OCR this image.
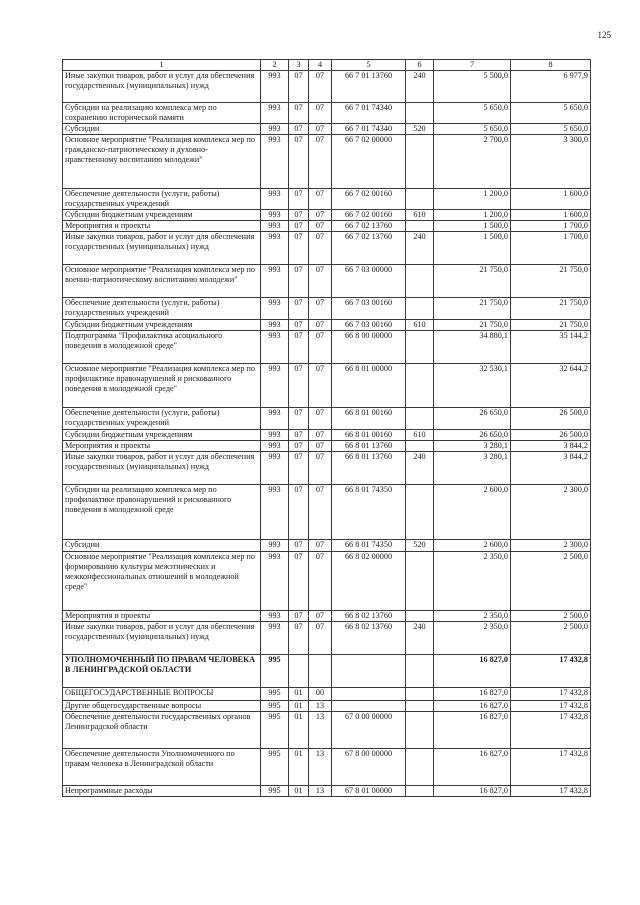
125
1	2	3	4	5	6	7	8
Иные закупки товаров, работ и услуг для обеспечения государственных (муниципальных) нужд	993	07	07	66 7 01 13760	240	5 500,0	6 977,9
Субсидии на реализацию комплекса мер по сохранению исторической памяти	993	07	07	66 7 01 74340		5 650,0	5 650,0
Субсидии	993	07	07	66 7 01 74340	520	5 650,0	5 650,0
Основное мероприятие "Реализация комплекса мер по гражданско-патриотическому и духовно-нравственному воспитанию молодежи"	993	07	07	66 7 02 00000		2 700,0	3 300,0
Обеспечение деятельности (услуги, работы) государственных учреждений	993	07	07	66 7 02 00160		1 200,0	1 600,0
Субсидии бюджетным учреждениям	993	07	07	66 7 02 00160	610	1 200,0	1 600,0
Мероприятия и проекты	993	07	07	66 7 02 13760		1 500,0	1 700,0
Иные закупки товаров, работ и услуг для обеспечения государственных (муниципальных) нужд	993	07	07	66 7 02 13760	240	1 500,0	1 700,0
Основное мероприятие "Реализация комплекса мер по военно-патриотическому воспитанию молодежи"	993	07	07	66 7 03 00000		21 750,0	21 750,0
Обеспечение деятельности (услуги, работы) государственных учреждений	993	07	07	66 7 03 00160		21 750,0	21 750,0
Субсидии бюджетным учреждениям	993	07	07	66 7 03 00160	610	21 750,0	21 750,0
Подпрограмма "Профилактика асоциального поведения в молодежной среде"	993	07	07	66 8 00 00000		34 880,1	35 144,2
Основное мероприятие "Реализация комплекса мер по профилактике правонарушений и рискованного поведения в молодежной среде"	993	07	07	66 8 01 00000		32 530,1	32 644,2
Обеспечение деятельности (услуги, работы) государственных учреждений	993	07	07	66 8 01 00160		26 650,0	26 500,0
Субсидии бюджетным учреждениям	993	07	07	66 8 01 00160	610	26 650,0	26 500,0
Мероприятия и проекты	993	07	07	66 8 01 13760		3 280,1	3 844,2
Иные закупки товаров, работ и услуг для обеспечения государственных (муниципальных) нужд	993	07	07	66 8 01 13760	240	3 280,1	3 844,2
Субсидии на реализацию комплекса мер по профилактике правонарушений и рискованного поведения в молодежной среде	993	07	07	66 8 01 74350		2 600,0	2 300,0
Субсидии	993	07	07	66 8 01 74350	520	2 600,0	2 300,0
Основное мероприятие "Реализация комплекса мер по формированию культуры межэтнических и межконфессиональных отношений в молодежной среде"	993	07	07	66 8 02 00000		2 350,0	2 500,0
Мероприятия и проекты	993	07	07	66 8 02 13760		2 350,0	2 500,0
Иные закупки товаров, работ и услуг для обеспечения государственных (муниципальных) нужд	993	07	07	66 8 02 13760	240	2 350,0	2 500,0
УПОЛНОМОЧЕННЫЙ ПО ПРАВАМ ЧЕЛОВЕКА В ЛЕНИНГРАДСКОЙ ОБЛАСТИ	995					16 827,0	17 432,8
ОБЩЕГОСУДАРСТВЕННЫЕ ВОПРОСЫ	995	01	00			16 827,0	17 432,8
Другие общегосударственные вопросы	995	01	13			16 827,0	17 432,8
Обеспечение деятельности государственных органов Ленинградской области	995	01	13	67 0 00 00000		16 827,0	17 432,8
Обеспечение деятельности Уполномоченного по правам человека в Ленинградской области	995	01	13	67 8 00 00000		16 827,0	17 432,8
Непрограммные расходы	995	01	13	67 8 01 00000		16 827,0	17 432,8
